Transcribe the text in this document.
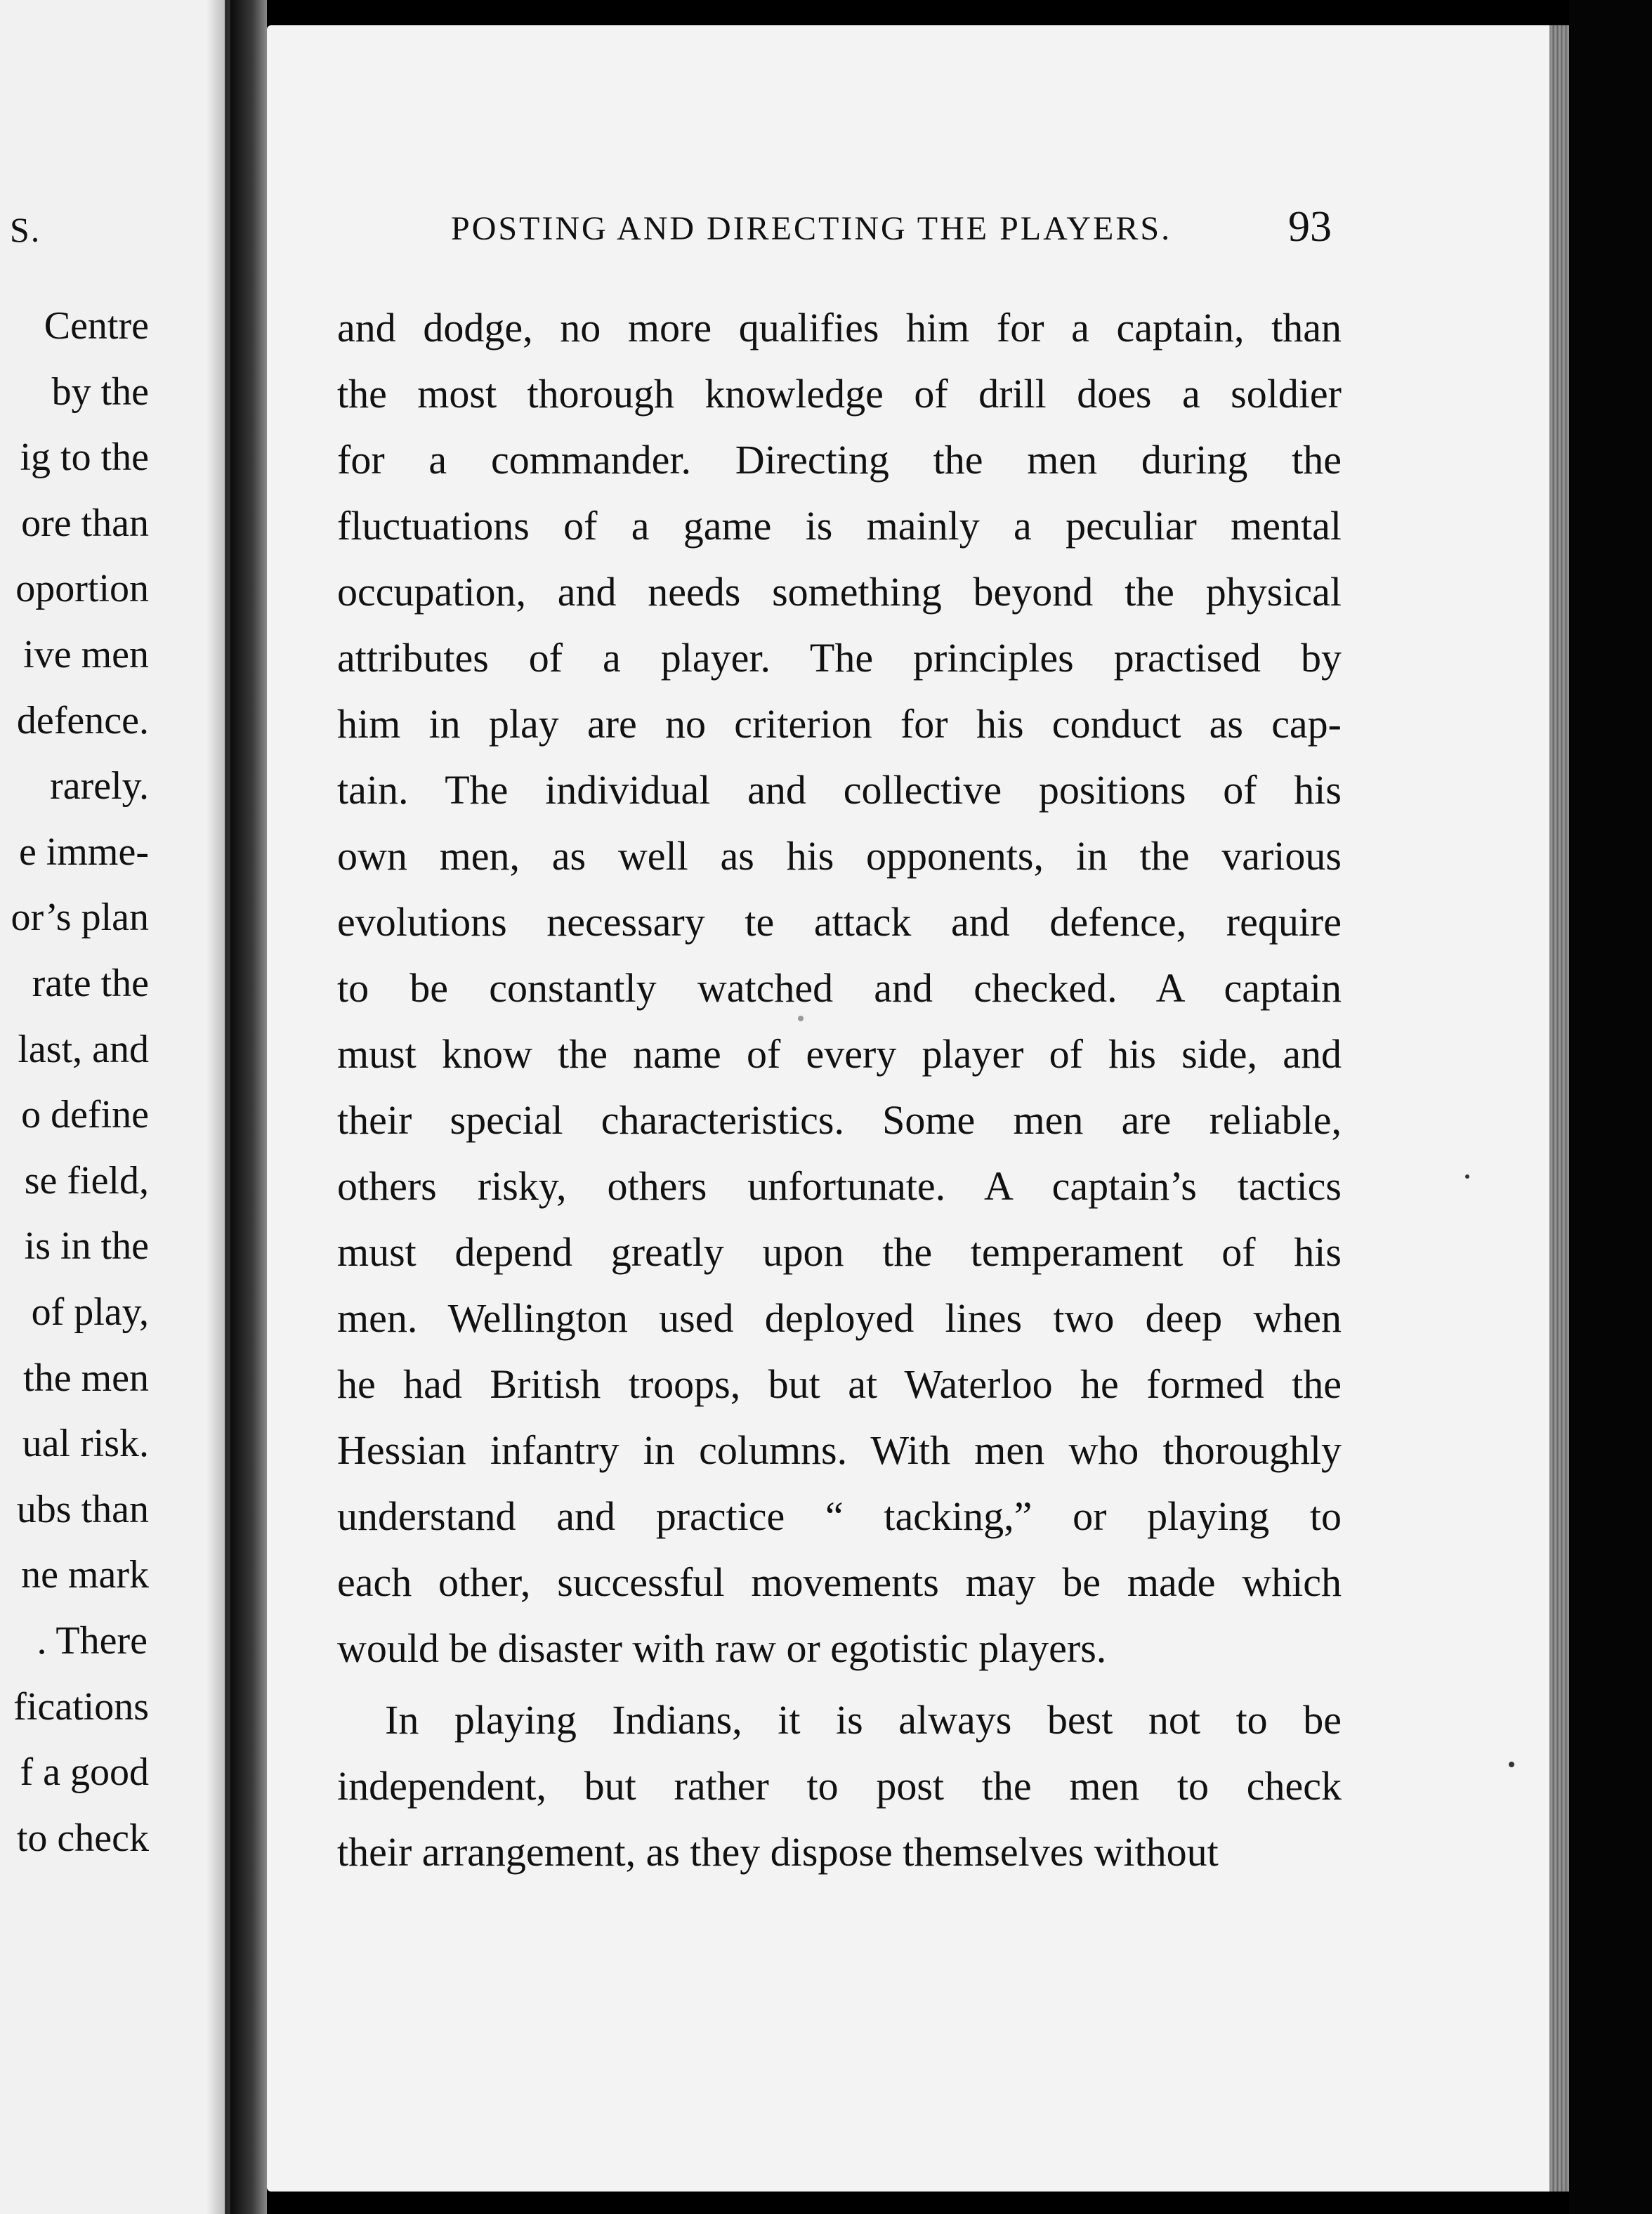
S.
Centre
by the
ig to the
ore than
oportion
ive men
defence.
rarely.
e imme-
or’s plan
rate the
last, and
o define
se field,
is in the
of play,
the men
ual risk.
ubs than
ne mark
. There
fications
f a good
to check
POSTING AND DIRECTING THE PLAYERS.	93
and dodge, no more qualifies him for a captain, than
the most thorough knowledge of drill does a soldier
for a commander. Directing the men during the
fluctuations of a game is mainly a peculiar mental
occupation, and needs something beyond the physical
attributes of a player. The principles practised by
him in play are no criterion for his conduct as cap-
tain. The individual and collective positions of his
own men, as well as his opponents, in the various
evolutions necessary te attack and defence, require
to be constantly watched and checked. A captain
must know the name of every player of his side, and
their special characteristics. Some men are reliable,
others risky, others unfortunate. A captain’s tactics
must depend greatly upon the temperament of his
men. Wellington used deployed lines two deep when
he had British troops, but at Waterloo he formed the
Hessian infantry in columns. With men who thoroughly
understand and practice “ tacking,” or playing to
each other, successful movements may be made which
would be disaster with raw or egotistic players.
In playing Indians, it is always best not to be
independent, but rather to post the men to check
their arrangement, as they dispose themselves without
